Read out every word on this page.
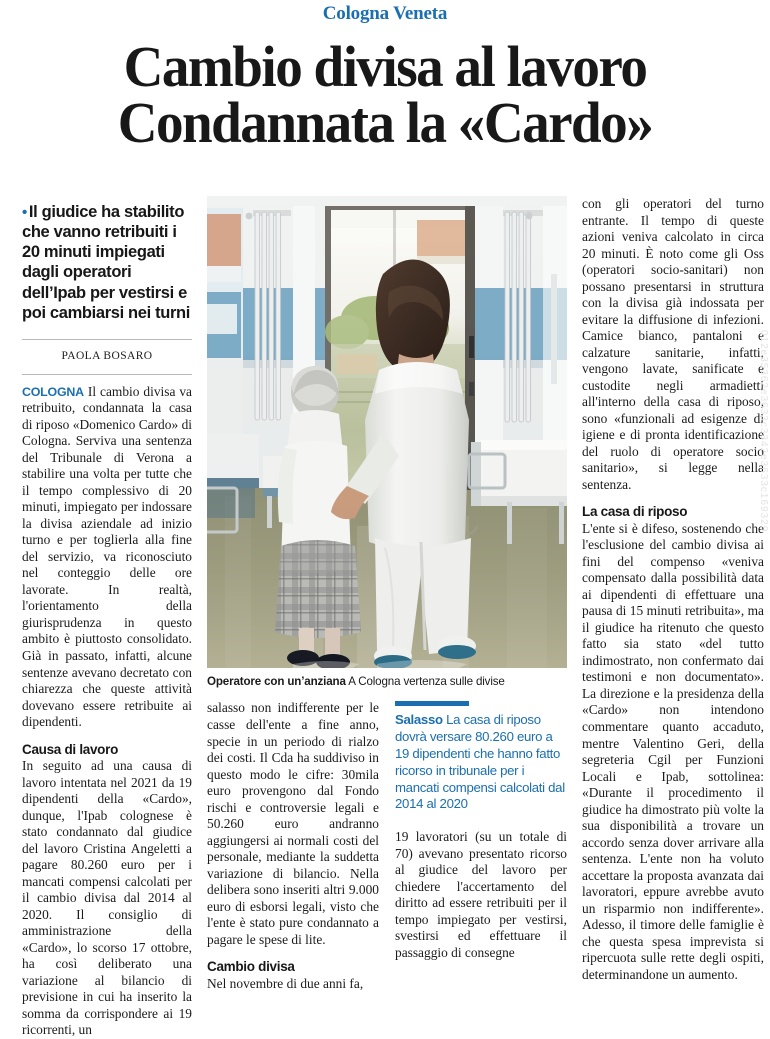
Cologna Veneta
Cambio divisa al lavoro
Condannata la «Cardo»
• Il giudice ha stabilito che vanno retribuiti i 20 minuti impiegati dagli operatori dell’Ipab per vestirsi e poi cambiarsi nei turni
PAOLA BOSARO

COLOGNA Il cambio divisa va retribuito, condannata la casa di riposo «Domenico Cardo» di Cologna. Serviva una sentenza del Tribunale di Verona a stabilire una volta per tutte che il tempo complessivo di 20 minuti, impiegato per indossare la divisa aziendale ad inizio turno e per toglierla alla fine del servizio, va riconosciuto nel conteggio delle ore lavorate. In realtà, l'orientamento della giurisprudenza in questo ambito è piuttosto consolidato. Già in passato, infatti, alcune sentenze avevano decretato con chiarezza che queste attività dovevano essere retribuite ai dipendenti.

Causa di lavoro

In seguito ad una causa di lavoro intentata nel 2021 da 19 dipendenti della «Cardo», dunque, l'Ipab colognese è stato condannato dal giudice del lavoro Cristina Angeletti a pagare 80.260 euro per i mancati compensi calcolati per il cambio divisa dal 2014 al 2020. Il consiglio di amministrazione della «Cardo», lo scorso 17 ottobre, ha così deliberato una variazione al bilancio di previsione in cui ha inserito la somma da corrispondere ai 19 ricorrenti, un

Operatore con un’anziana A Cologna vertenza sulle divise

salasso non indifferente per le casse dell'ente a fine anno, specie in un periodo di rialzo dei costi. Il Cda ha suddiviso in questo modo le cifre: 30mila euro provengono dal Fondo rischi e controversie legali e 50.260 euro andranno aggiungersi ai normali costi del personale, mediante la suddetta variazione di bilancio. Nella delibera sono inseriti altri 9.000 euro di esborsi legali, visto che l'ente è stato pure condannato a pagare le spese di lite.

Cambio divisa

Nel novembre di due anni fa,

Salasso La casa di riposo dovrà versare 80.260 euro a 19 dipendenti che hanno fatto ricorso in tribunale per i mancati compensi calcolati dal 2014 al 2020

19 lavoratori (su un totale di 70) avevano presentato ricorso al giudice del lavoro per chiedere l'accertamento del diritto ad essere retribuiti per il tempo impiegato per vestirsi, svestirsi ed effettuare il passaggio di consegne

con gli operatori del turno entrante. Il tempo di queste azioni veniva calcolato in circa 20 minuti. È noto come gli Oss (operatori socio-sanitari) non possano presentarsi in struttura con la divisa già indossata per evitare la diffusione di infezioni. Camice bianco, pantaloni e calzature sanitarie, infatti, vengono lavate, sanificate e custodite negli armadietti all'interno della casa di riposo, sono «funzionali ad esigenze di igiene e di pronta identificazione del ruolo di operatore socio sanitario», si legge nella sentenza.

La casa di riposo

L'ente si è difeso, sostenendo che l'esclusione del cambio divisa ai fini del compenso «veniva compensato dalla possibilità data ai dipendenti di effettuare una pausa di 15 minuti retribuita», ma il giudice ha ritenuto che questo fatto sia stato «del tutto indimostrato, non confermato dai testimoni e non documentato». La direzione e la presidenza della «Cardo» non intendono commentare quanto accaduto, mentre Valentino Geri, della segreteria Cgil per Funzioni Locali e Ipab, sottolinea: «Durante il procedimento il giudice ha dimostrato più volte la sua disponibilità a trovare un accordo senza dover arrivare alla sentenza. L'ente non ha voluto accettare la proposta avanzata dai lavoratori, eppure avrebbe avuto un risparmio non indifferente». Adesso, il timore delle famiglie è che questa spesa imprevista si ripercuota sulle rette degli ospiti, determinandone un aumento.

012e35362e3633c3342e3633c169329
